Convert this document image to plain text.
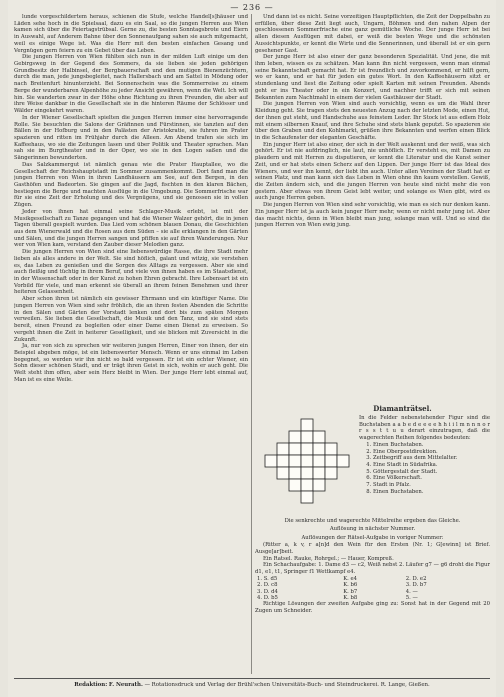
— 236 —

lunde vorgeschildertem heraus, schienen die Stufe, welche Handel[s]häuser und Läden sehe hoch in die Spielsaal, dazu es ein Saal, so die jungen Herren aus Wien kamen sich über die Feiertagstrübsal. Gerne zu, die besten Sonntagsbrote und Eiern in Auswahl, auf Anderem Bahne über den Sonnenaufgang sahen sie auch mitgemacht, weil es einige Wege ist. Was die Herr mit den besten einfachen Gesang und Vergnügen gern feiern zu ein Gebet über das Leben.

Die jungen Herren von Wien fühlten sich nun in der milden Luft einige um den Gebirgsweg in der Gegend des Sommers, da sie lieben sie jeden gehörigen Grundbesitz der Halbinsel, der Bergbauerschaft und den mutigen Bienenzüchtern, durch die man, jede jungsbegleitet, nach Hallersbach und am Sattel in Mödung oder nach Breitenfurt hinunterzieht. Bei Sonnenschein was die Sommerreise zu einem Berge der wunderbaren Alpenhöhe zu jeder Ansicht gewähren, wenn die Welt. Ich will hin. Sie wanderten zwar in der Höhe ohne Richtung zu ihren Freunden, die aber auf ihre Weise dankbar in die Gesellschaft sie in die hinteren Räume der Schlösser und Wälder eingekehrt waren.

In der Wiener Gesellschaft spielten die jungen Herren immer eine hervorragende Rolle. Sie besuchten die Salons der Gräfinnen und Fürstinnen, sie tanzten auf den Bällen in der Hofburg und in den Palästen der Aristokratie, sie fuhren im Prater spazieren und ritten im Frühjahr durch die Alleen. Am Abend trafen sie sich im Kaffeehaus, wo sie die Zeitungen lasen und über Politik und Theater sprachen. Man sah sie im Burgtheater und in der Oper, wo sie in den Logen saßen und die Sängerinnen bewunderten.

Das Salzkammergut ist nämlich genau wie die Prater Hauptallee, wo die Gesellschaft der Reichshauptstadt im Sommer zusammenkommt. Dort fand man die jungen Herren von Wien in ihren Landhäusern am See, auf den Bergen, in den Gasthöfen und Badeorten. Sie gingen auf die Jagd, fischten in den klaren Bächen, bestiegen die Berge und machten Ausflüge in die Umgebung. Die Sommerfrische war für sie eine Zeit der Erholung und des Vergnügens, und sie genossen sie in vollen Zügen.

Jeder von ihnen hat einmal seine Schlager-Musik erlebt, ist mit der Musikgesellschaft zu Tanze gegangen und hat die Wiener Walzer gehört, die in jenen Tagen überall gespielt wurden. Das Lied vom schönen blauen Donau, die Geschichten aus dem Wienerwald und die Rosen aus dem Süden – sie alle erklangen in den Gärten und Sälen, und die jungen Herren sangen und pfiffen sie auf ihren Wanderungen. Nur wer von Wien kam, verstand den Zauber dieser Melodien ganz.

Die jungen Herren von Wien sind eine liebenswürdige Rasse, die ihre Stadt mehr lieben als alles andere in der Welt. Sie sind höflich, galant und witzig, sie verstehen es, das Leben zu genießen und die Sorgen des Alltags zu vergessen. Aber sie sind auch fleißig und tüchtig in ihrem Beruf, und viele von ihnen haben es im Staatsdienst, in der Wissenschaft oder in der Kunst zu hohen Ehren gebracht. Ihre Lebensart ist ein Vorbild für viele, und man erkennt sie überall an ihrem feinen Benehmen und ihrer heiteren Gelassenheit.

Aber schon ihren ist nämlich ein gewisser Ehrmann und ein künftiger Name. Die jungen Herren von Wien sind sehr fröhlich, die an ihren festen Abenden die Schritte in den Sälen und Gärten der Vorstadt lenken und dort bis zum späten Morgen verweilen. Sie lieben die Gesellschaft, die Musik und den Tanz, und sie sind stets bereit, einen Freund zu begleiten oder einer Dame einen Dienst zu erweisen. So vergeht ihnen die Zeit in heiterer Geselligkeit, und sie blicken mit Zuversicht in die Zukunft.

Ja, nur von sich zu sprechen wir weiteren jungen Herren, Einer von ihnen, der ein Beispiel abgeben möge, ist ein liebenswerter Mensch. Wenn er uns einmal im Leben begegnet, so werden wir ihn nicht so bald vergessen. Er ist ein echter Wiener, ein Sohn dieser schönen Stadt, und er trägt ihren Geist in sich, wohin er auch geht. Die Welt steht ihm offen, aber sein Herz bleibt in Wien. Der junge Herr lebt einmal auf, Man ist es eine Weile.

Und dann ist es nicht. Seine vorzeitigen Hauptpflichten, die Zeit der Doppelbahn zu erfüllen, über diese Zeit liegt auch, Ungarn, Böhmen und den nahen Alpen der geschlossenen Sommerfrische eine ganz gemütliche Woche. Der junge Herr ist bei allen diesen Ausflügen mit dabei, er weiß die besten Wege und die schönsten Aussichtspunkte, er kennt die Wirte und die Sennerinnen, und überall ist er ein gern gesehener Gast.

Der junge Herr ist also einer der ganz besonderen Spezialität. Und jene, die mit ihm leben, wissen es zu schätzen. Man kann ihn nicht vergessen, wenn man einmal seine Bekanntschaft gemacht hat. Er ist freundlich und zuvorkommend, er hilft gern, wo er kann, und er hat für jeden ein gutes Wort. In den Kaffeehäusern sitzt er stundenlang und liest die Zeitung oder spielt Karten mit seinen Freunden. Abends geht er ins Theater oder in ein Konzert, und nachher trifft er sich mit seinen Bekannten zum Nachtmahl in einem der vielen Gasthäuser der Stadt.

Die jungen Herren von Wien sind auch vorsichtig, wenn es um die Wahl ihrer Kleidung geht. Sie tragen stets den neuesten Anzug nach der letzten Mode, einen Hut, der ihnen gut steht, und Handschuhe aus feinstem Leder. Ihr Stock ist aus edlem Holz mit einem silbernen Knauf, und ihre Schuhe sind stets blank geputzt. So spazieren sie über den Graben und den Kohlmarkt, grüßen ihre Bekannten und werfen einen Blick in die Schaufenster der eleganten Geschäfte.

Ein junger Herr ist also einer, der sich in der Welt auskennt und der weiß, was sich gehört. Er ist nie aufdringlich, nie laut, nie unhöflich. Er versteht es, mit Damen zu plaudern und mit Herren zu disputieren, er kennt die Literatur und die Kunst seiner Zeit, und er hat stets einen Scherz auf den Lippen. Der junge Herr ist das Ideal des Wieners, und wer ihn kennt, der liebt ihn auch. Unter allen Vereinen der Stadt hat er seinen Platz, und man kann sich das Leben in Wien ohne ihn kaum vorstellen. Gewiß, die Zeiten ändern sich, und die jungen Herren von heute sind nicht mehr die von gestern. Aber etwas von ihrem Geist lebt weiter, und solange es Wien gibt, wird es auch junge Herren geben.

Die jungen Herren von Wien sind sehr vorsichtig, wie man es sich nur denken kann. Ein junger Herr ist ja auch kein junger Herr mehr, wenn er nicht mehr jung ist. Aber das macht nichts, denn in Wien bleibt man jung, solange man will. Und so sind die jungen Herren von Wien ewig jung.

Diamanträtsel.
In die Felder nebenstehender Figur sind die Buchstaben a a b e d e e e e h h i i l m n n n o r r s s t t u u derart einzutragen, daß die wagerechten Reihen folgendes bedeuten:
1. Einen Buchstaben.
2. Eine Oberpostdirektion.
3. Zeitbegriff aus dem Mittelalter.
4. Eine Stadt in Südafrika.
5. Göttergestalt der Stadt.
6. Eine Völkerschaft.
7. Stadt in Pfalz.
8. Einen Buchstaben.
Die senkrechte und wagerechte Mittelreihe ergeben das Gleiche.
Auflösung in nächster Nummer.

Auflösungen der Rätsel-Aufgabe in voriger Nummer:

(Ritter a, k v, r a[n]d den Wein für den Ersten (Nr. 1; G[ewinn] ist Brief. Ausge[ar]beit.

Ein Ratsel. Rauke, Rohrgel.; — Hauer, Kompreß.

Ein Schachaufgabe: 1. Dame d3 — c2, Weiß nebst 2. Läufer g7 — g6 droht die Figur d1, e1, t1, Springer f1 Wettkampf e4.

1. S. d5	K. e4	2. D. e2
2. D. c8	K. b6	3. D. b7
3. D. d4	K. b7	4. —
4. D. b5	K. b8	5. —

Richtige Lösungen der zweiten Aufgabe ging zu: Sonst hat in der Gegend mit 20 Zugen um Schneider.

Redaktion: F. Neurath. — Rotationsdruck und Verlag der Brühl'schen Universitäts-Buch- und Steindruckerei. R. Lange, Gießen.
